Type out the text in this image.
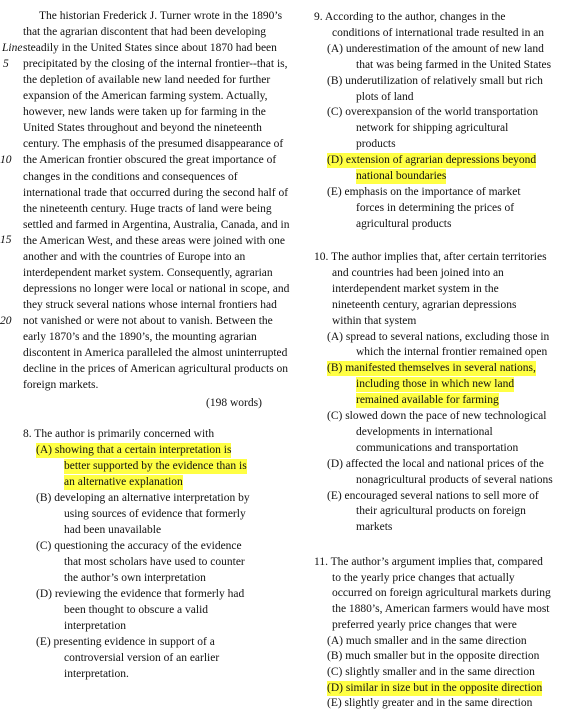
The historian Frederick J. Turner wrote in the 1890’s
that the agrarian discontent that had been developing
steadily in the United States since about 1870 had been
precipitated by the closing of the internal frontier--that is,
the depletion of available new land needed for further
expansion of the American farming system. Actually,
however, new lands were taken up for farming in the
United States throughout and beyond the nineteenth
century. The emphasis of the presumed disappearance of
the American frontier obscured the great importance of
changes in the conditions and consequences of
international trade that occurred during the second half of
the nineteenth century. Huge tracts of land were being
settled and farmed in Argentina, Australia, Canada, and in
the American West, and these areas were joined with one
another and with the countries of Europe into an
interdependent market system. Consequently, agrarian
depressions no longer were local or national in scope, and
they struck several nations whose internal frontiers had
not vanished or were not about to vanish. Between the
early 1870’s and the 1890’s, the mounting agrarian
discontent in America paralleled the almost uninterrupted
decline in the prices of American agricultural products on
foreign markets.
Line
5
10
15
20
(198 words)
8. The author is primarily concerned with
(A) showing that a certain interpretation is
better supported by the evidence than is
an alternative explanation
(B) developing an alternative interpretation by
using sources of evidence that formerly
had been unavailable
(C) questioning the accuracy of the evidence
that most scholars have used to counter
the author’s own interpretation
(D) reviewing the evidence that formerly had
been thought to obscure a valid
interpretation
(E) presenting evidence in support of a
controversial version of an earlier
interpretation.
9. According to the author, changes in the
conditions of international trade resulted in an
(A) underestimation of the amount of new land
that was being farmed in the United States
(B) underutilization of relatively small but rich
plots of land
(C) overexpansion of the world transportation
network for shipping agricultural
products
(D) extension of agrarian depressions beyond
national boundaries
(E) emphasis on the importance of market
forces in determining the prices of
agricultural products
10. The author implies that, after certain territories
and countries had been joined into an
interdependent market system in the
nineteenth century, agrarian depressions
within that system
(A) spread to several nations, excluding those in
which the internal frontier remained open
(B) manifested themselves in several nations,
including those in which new land
remained available for farming
(C) slowed down the pace of new technological
developments in international
communications and transportation
(D) affected the local and national prices of the
nonagricultural products of several nations
(E) encouraged several nations to sell more of
their agricultural products on foreign
markets
11. The author’s argument implies that, compared
to the yearly price changes that actually
occurred on foreign agricultural markets during
the 1880’s, American farmers would have most
preferred yearly price changes that were
(A) much smaller and in the same direction
(B) much smaller but in the opposite direction
(C) slightly smaller and in the same direction
(D) similar in size but in the opposite direction
(E) slightly greater and in the same direction
